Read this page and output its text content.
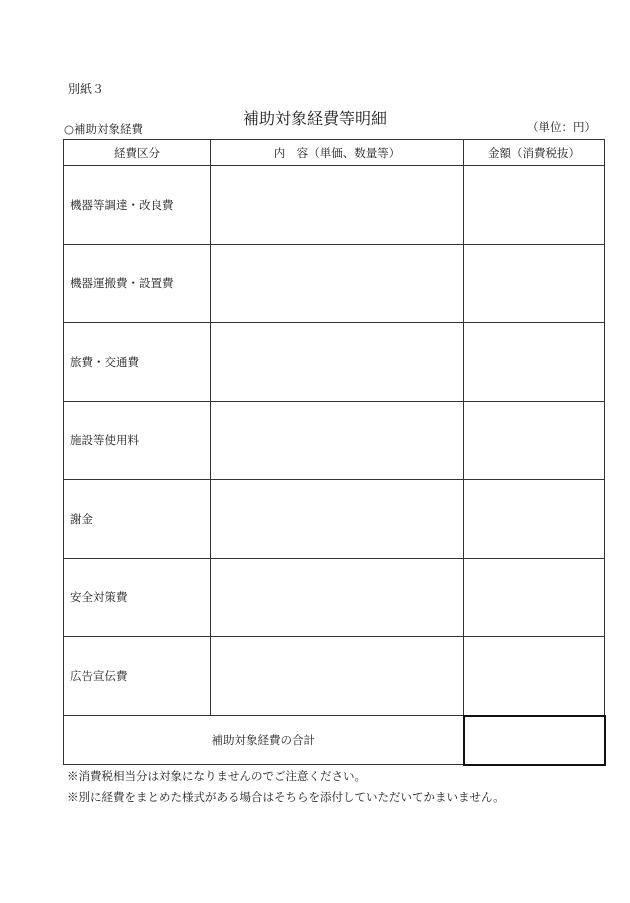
別紙３
補助対象経費等明細
○補助対象経費	（単位：円）
経費区分	内　容（単価、数量等）	金額（消費税抜）
機器等調達・改良費		
機器運搬費・設置費		
旅費・交通費		
施設等使用料		
謝金		
安全対策費		
広告宣伝費		
補助対象経費の合計		
※消費税相当分は対象になりませんのでご注意ください。
※別に経費をまとめた様式がある場合はそちらを添付していただいてかまいません。
